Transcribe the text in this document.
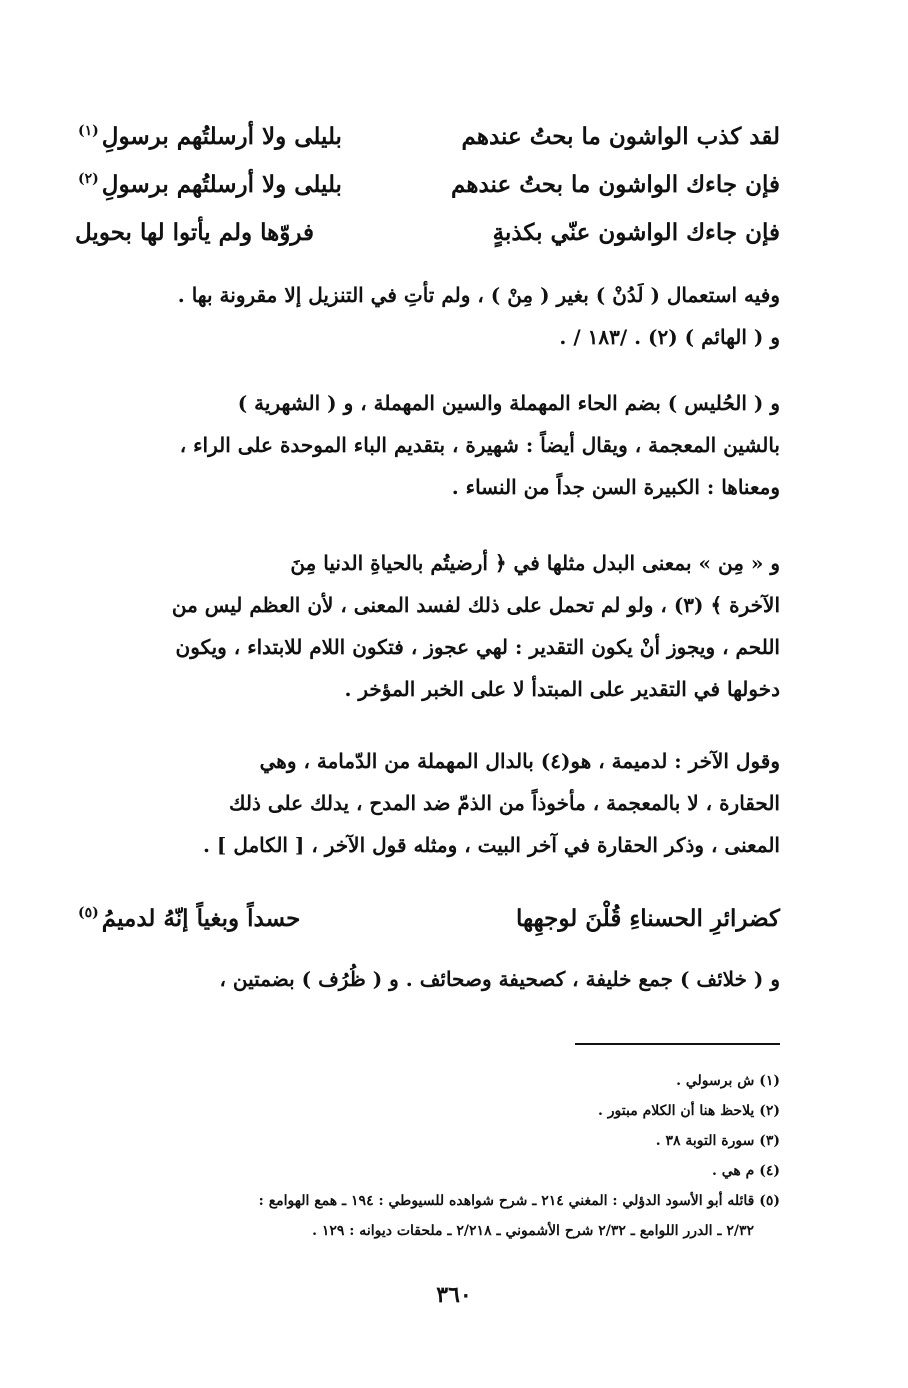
لقد كذب الواشون ما بحتُ عندهم
بليلى ولا أرسلتُهم برسولِ$^{(١)}$
فإن جاءك الواشون ما بحتُ عندهم
بليلى ولا أرسلتُهم برسولِ$^{(٢)}$
فإن جاءك الواشون عنّي بكذبةٍ
فروّها ولم يأتوا لها بحويل
وفيه استعمال ( لَدُنْ ) بغير ( مِنْ ) ، ولم تأتِ في التنزيل إلا مقرونة بها .
و ( الهائم ) (٢) . /١٨٣ / .
و ( الحُليس ) بضم الحاء المهملة والسين المهملة ، و ( الشهرية )
بالشين المعجمة ، ويقال أيضاً : شهيرة ، بتقديم الباء الموحدة على الراء ،
ومعناها : الكبيرة السن جداً من النساء .
و « مِن » بمعنى البدل مثلها في ﴿ أرضيتُم بالحياةِ الدنيا مِنَ
الآخرة ﴾ (٣) ، ولو لم تحمل على ذلك لفسد المعنى ، لأن العظم ليس من
اللحم ، ويجوز أنْ يكون التقدير : لهي عجوز ، فتكون اللام للابتداء ، ويكون
دخولها في التقدير على المبتدأ لا على الخبر المؤخر .
وقول الآخر : لدميمة ، هو(٤) بالدال المهملة من الدّمامة ، وهي
الحقارة ، لا بالمعجمة ، مأخوذاً من الذمّ ضد المدح ، يدلك على ذلك
المعنى ، وذكر الحقارة في آخر البيت ، ومثله قول الآخر ، [ الكامل ] .
كضرائرِ الحسناءِ قُلْنَ لوجهِها
حسداً وبغياً إنّهُ لدميمُ$^{(٥)}$
و ( خلائف ) جمع خليفة ، كصحيفة وصحائف . و ( ظُرُف ) بضمتين ،
(١) ش برسولي .
(٢) يلاحظ هنا أن الكلام مبتور .
(٣) سورة التوبة ٣٨ .
(٤) م هي .
(٥) قائله أبو الأسود الدؤلي : المغني ٢١٤ ـ شرح شواهده للسيوطي : ١٩٤ ـ همع الهوامع :
٢/٣٢ ـ الدرر اللوامع ـ ٢/٣٢ شرح الأشموني ـ ٢/٢١٨ ـ ملحقات ديوانه : ١٢٩ .
٣٦٠
